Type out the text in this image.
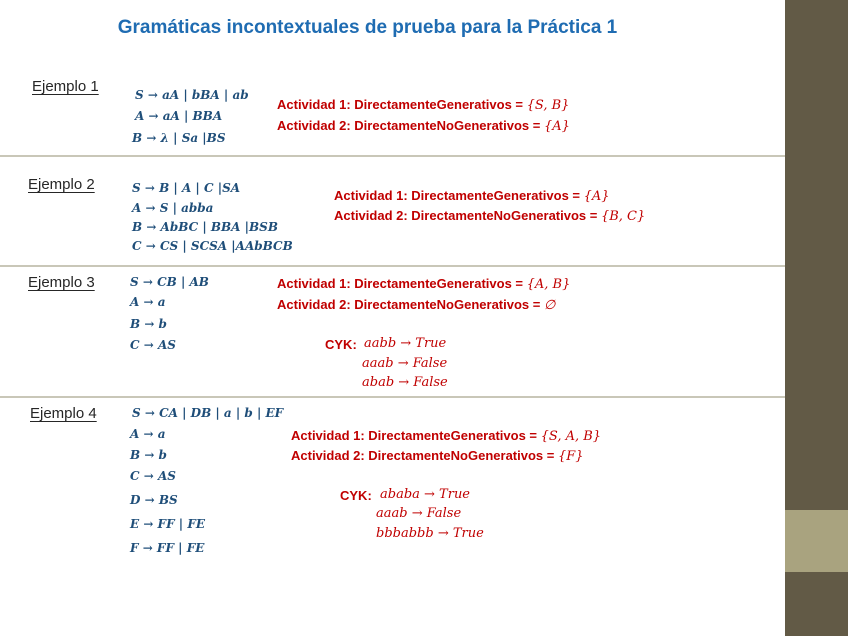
Gramáticas incontextuales de prueba para la Práctica 1
Ejemplo 1	S → aA | bBA | ab
A → aA | BBA
B → λ | Sa |BS
Actividad 1: DirectamenteGenerativos = {S, B}
Actividad 2: DirectamenteNoGenerativos = {A}
Ejemplo 2	S → B | A | C |SA
A → S | abba
B → AbBC | BBA |BSB
C → CS | SCSA |AAbBCB
Actividad 1: DirectamenteGenerativos = {A}
Actividad 2: DirectamenteNoGenerativos = {B, C}
Ejemplo 3	S → CB | AB
A → a
B → b
C → AS
Actividad 1: DirectamenteGenerativos = {A, B}
Actividad 2: DirectamenteNoGenerativos = ∅
CYK: aabb → True
aaab → False
abab → False
Ejemplo 4	S → CA | DB | a | b | EF
A → a
B → b
C → AS
D → BS
E → FF | FE
F → FF | FE
Actividad 1: DirectamenteGenerativos = {S, A, B}
Actividad 2: DirectamenteNoGenerativos = {F}
CYK: ababa → True
aaab → False
bbbabbb → True
